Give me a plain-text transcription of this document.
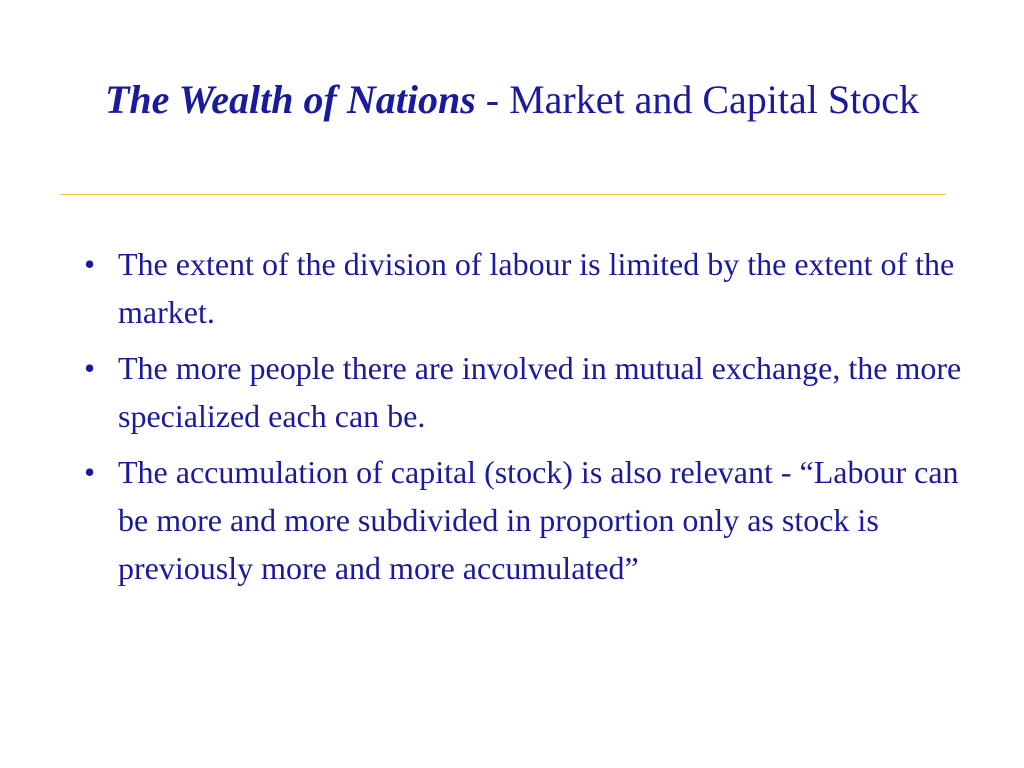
The Wealth of Nations - Market and Capital Stock
• The extent of the division of labour is limited by the extent of the market.
• The more people there are involved in mutual exchange, the more specialized each can be.
• The accumulation of capital (stock) is also relevant - “Labour can be more and more subdivided in proportion only as stock is previously more and more accumulated”
